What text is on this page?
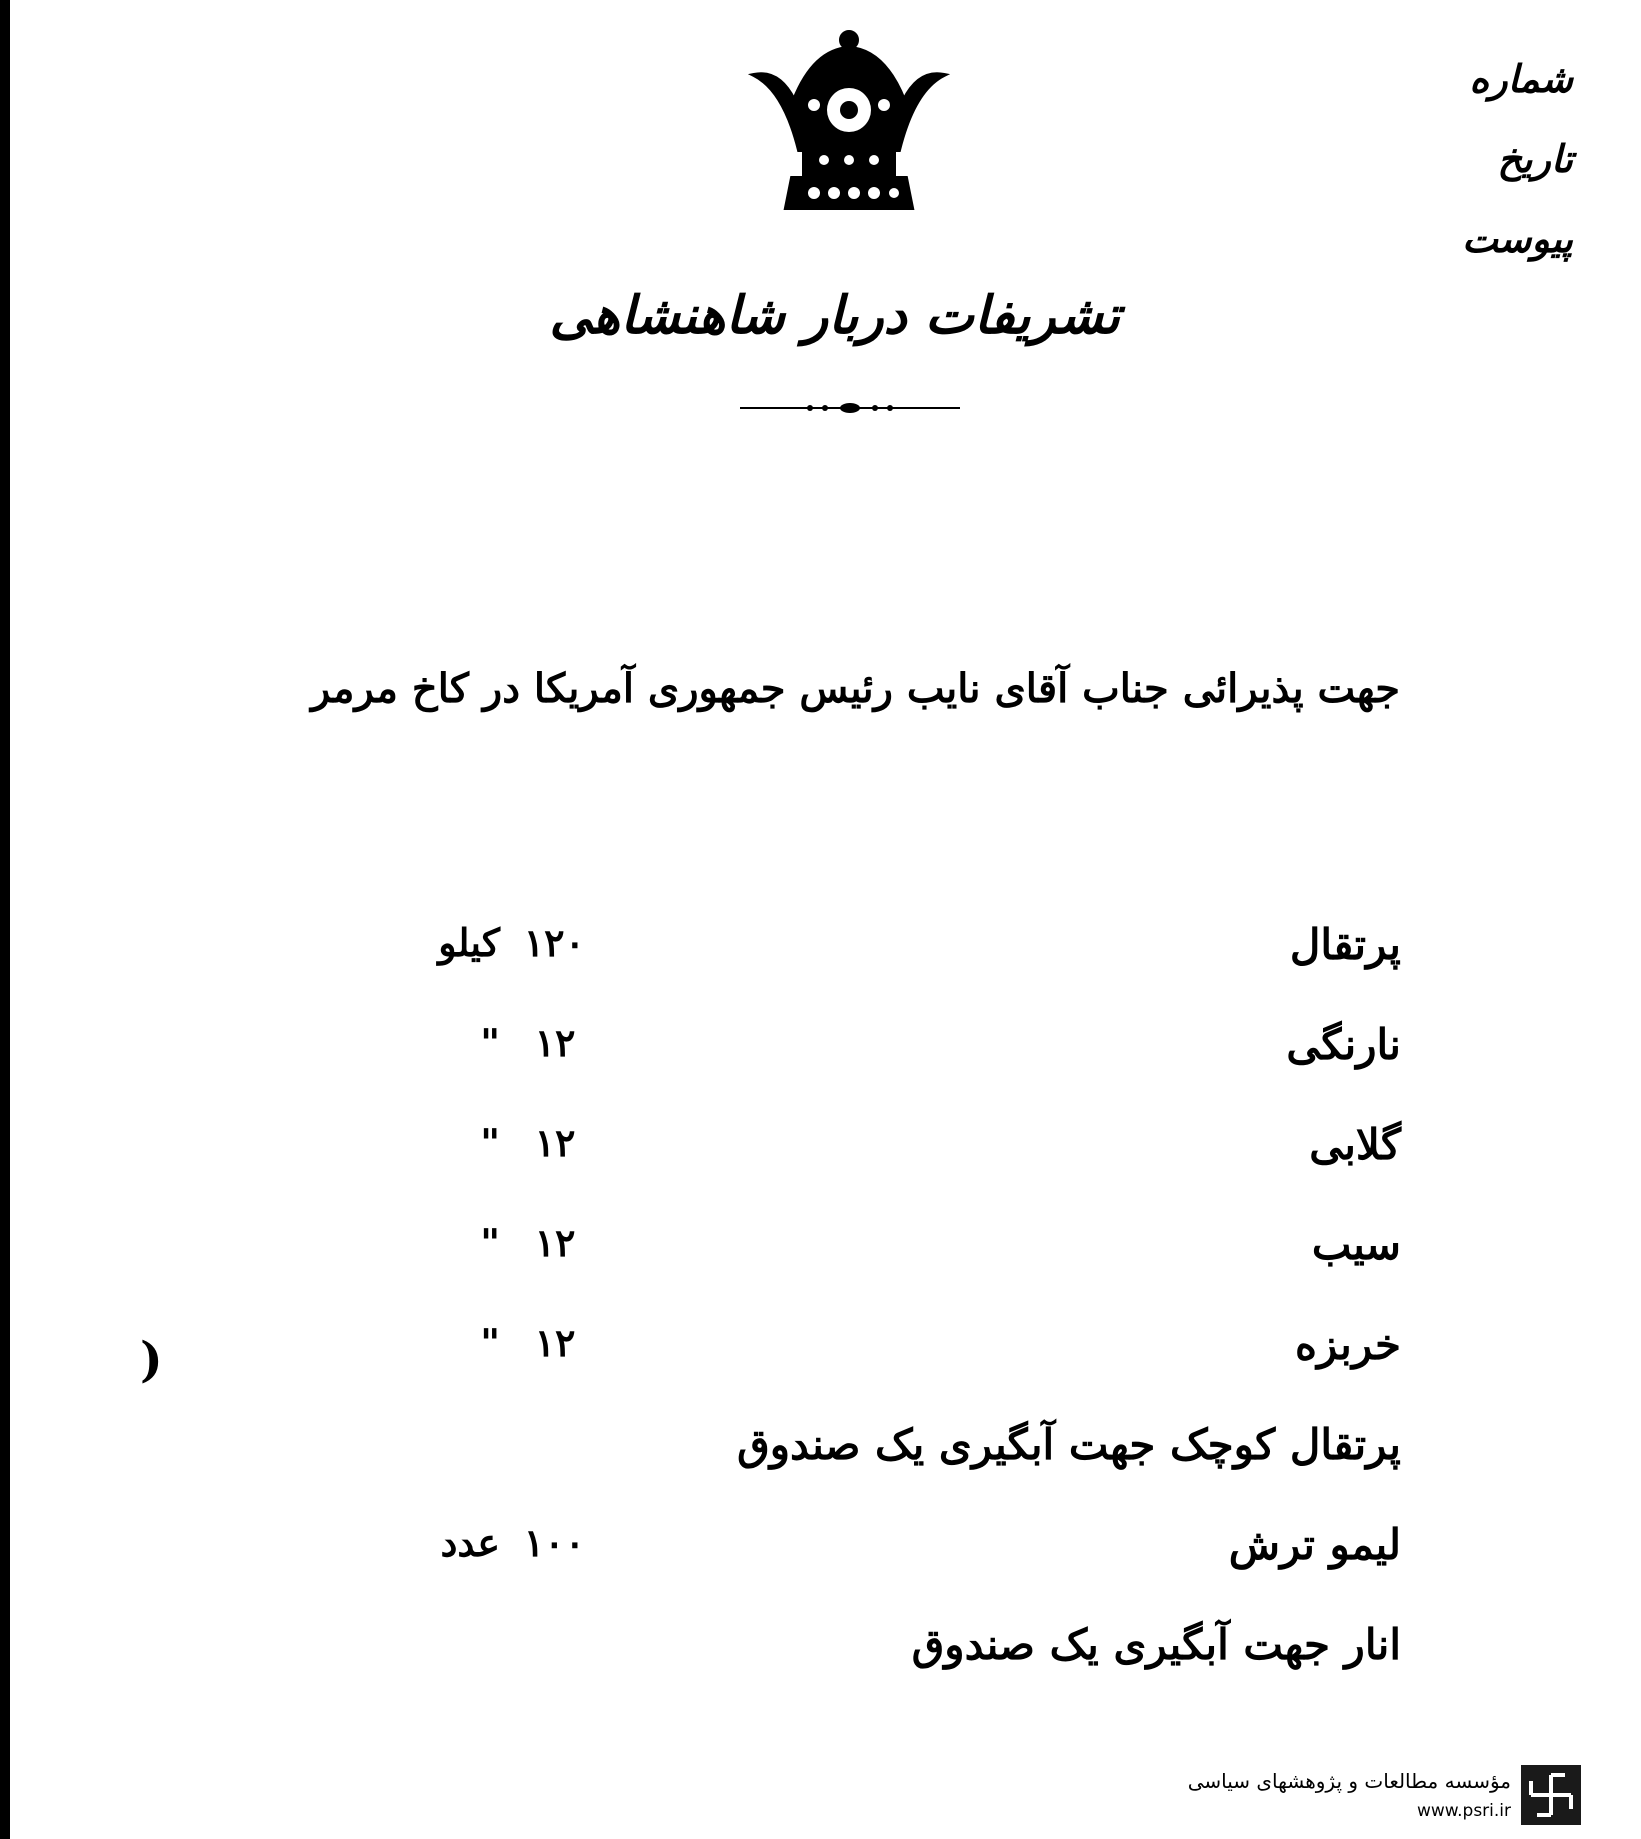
شماره
تاریخ
پیوست
تشریفات دربار شاهنشاهی
جهت پذیرائی جناب آقای نایب رئیس جمهوری آمریکا در کاخ مرمر
پرتقال
۱۲۰
کیلو
نارنگی
۱۲
"
گلابی
۱۲
"
سیب
۱۲
"
خربزه
۱۲
"
پرتقال کوچک جهت آبگیری یک صندوق
لیمو ترش
۱۰۰
عدد
انار جهت آبگیری یک صندوق
)
مؤسسه مطالعات و پژوهشهای سیاسی
www.psri.ir
